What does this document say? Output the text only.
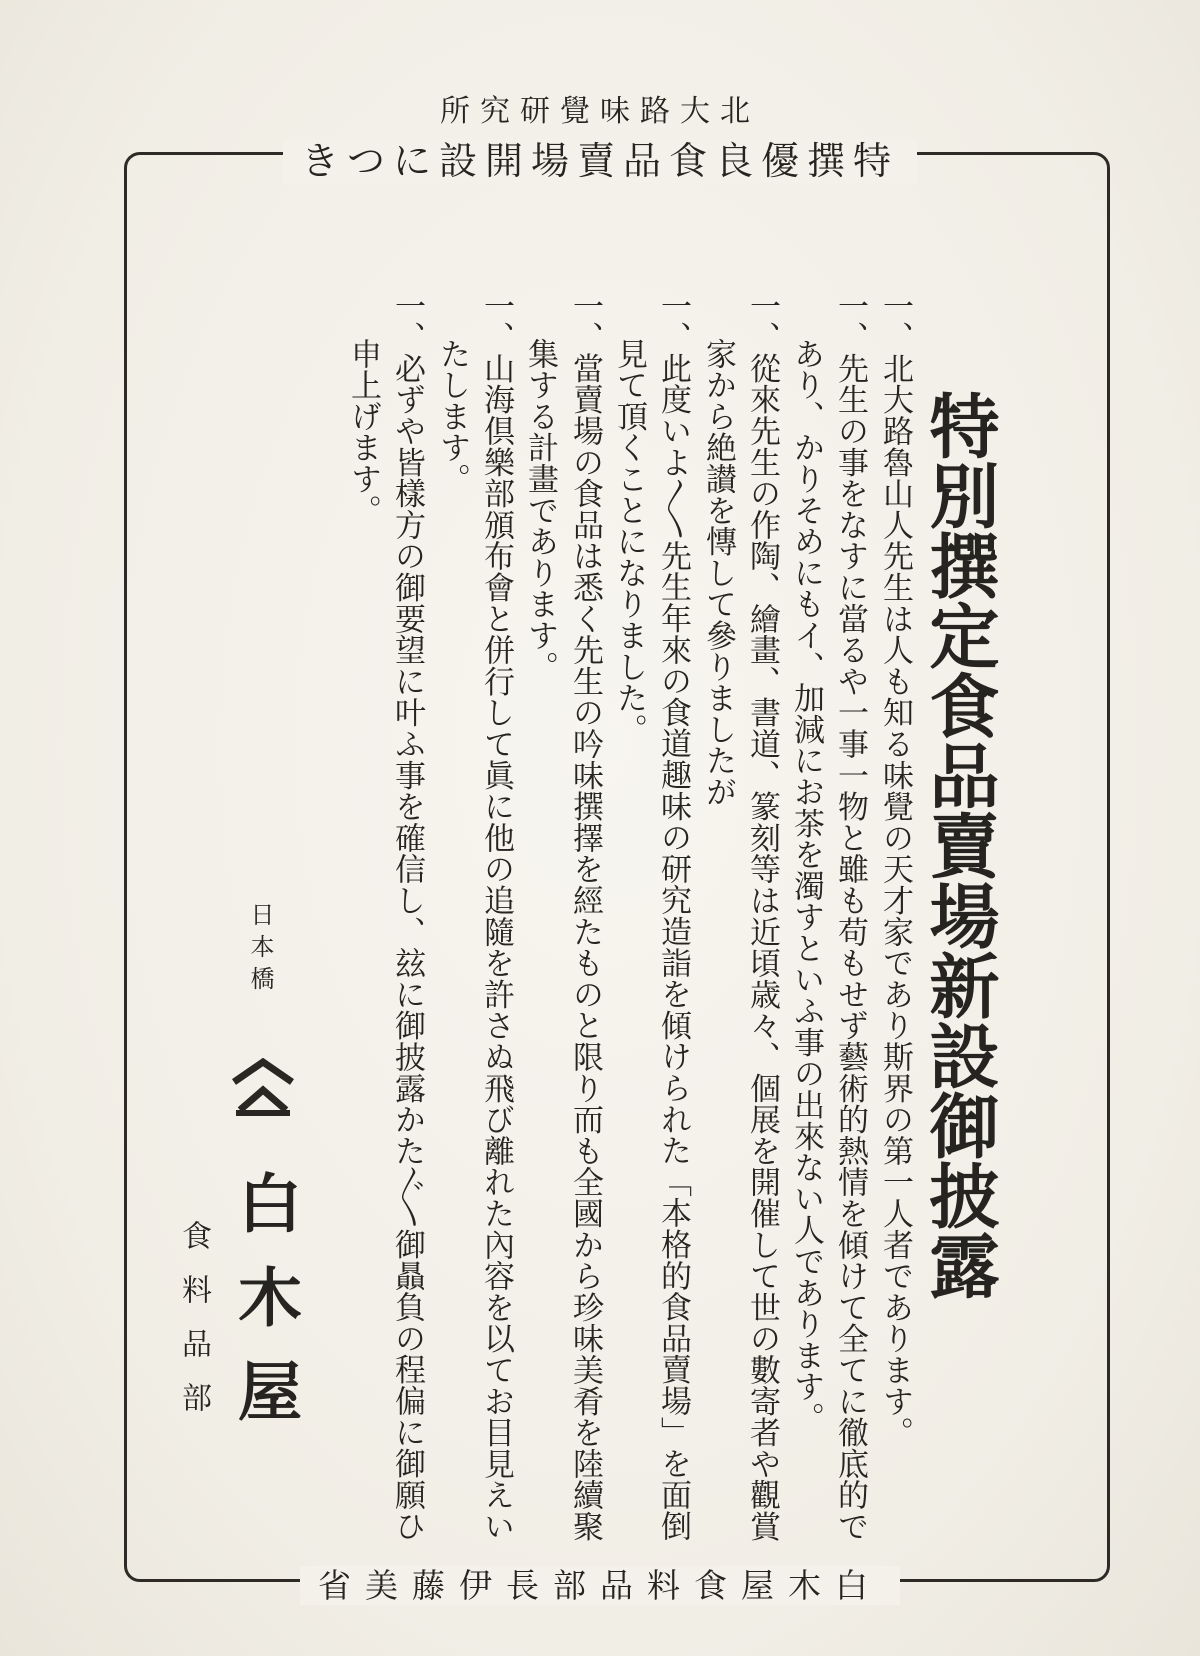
北大路味覺研究所
特撰優良食品賣場開設につき
特別撰定食品賣場新設御披露
一、北大路魯山人先生は人も知る味覺の天才家であり斯界の第一人者であります。
一、先生の事をなすに當るや一事一物と雖も苟もせず藝術的熱情を傾けて全てに徹底的で
あり、かりそめにもイ、加減にお茶を濁すといふ事の出來ない人であります。
一、從來先生の作陶、繪畫、書道、篆刻等は近頃歳々、個展を開催して世の數寄者や觀賞
家から絶讃を慱して參りましたが
一、此度いよ〳〵先生年來の食道趣味の研究造詣を傾けられた「本格的食品賣場」を面倒
見て頂くことになりました。
一、當賣場の食品は悉く先生の吟味撰擇を經たものと限り而も全國から珍味美肴を陸續聚
集する計畫であります。
一、山海倶樂部頒布會と併行して眞に他の追隨を許さぬ飛び離れた內容を以てお目見えい
たします。
一、必ずや皆樣方の御要望に叶ふ事を確信し、玆に御披露かた〴〵御贔負の程偏に御願ひ
申上げます。
日本橋
白木屋
食料品部
白木屋食料品部長伊藤美省
